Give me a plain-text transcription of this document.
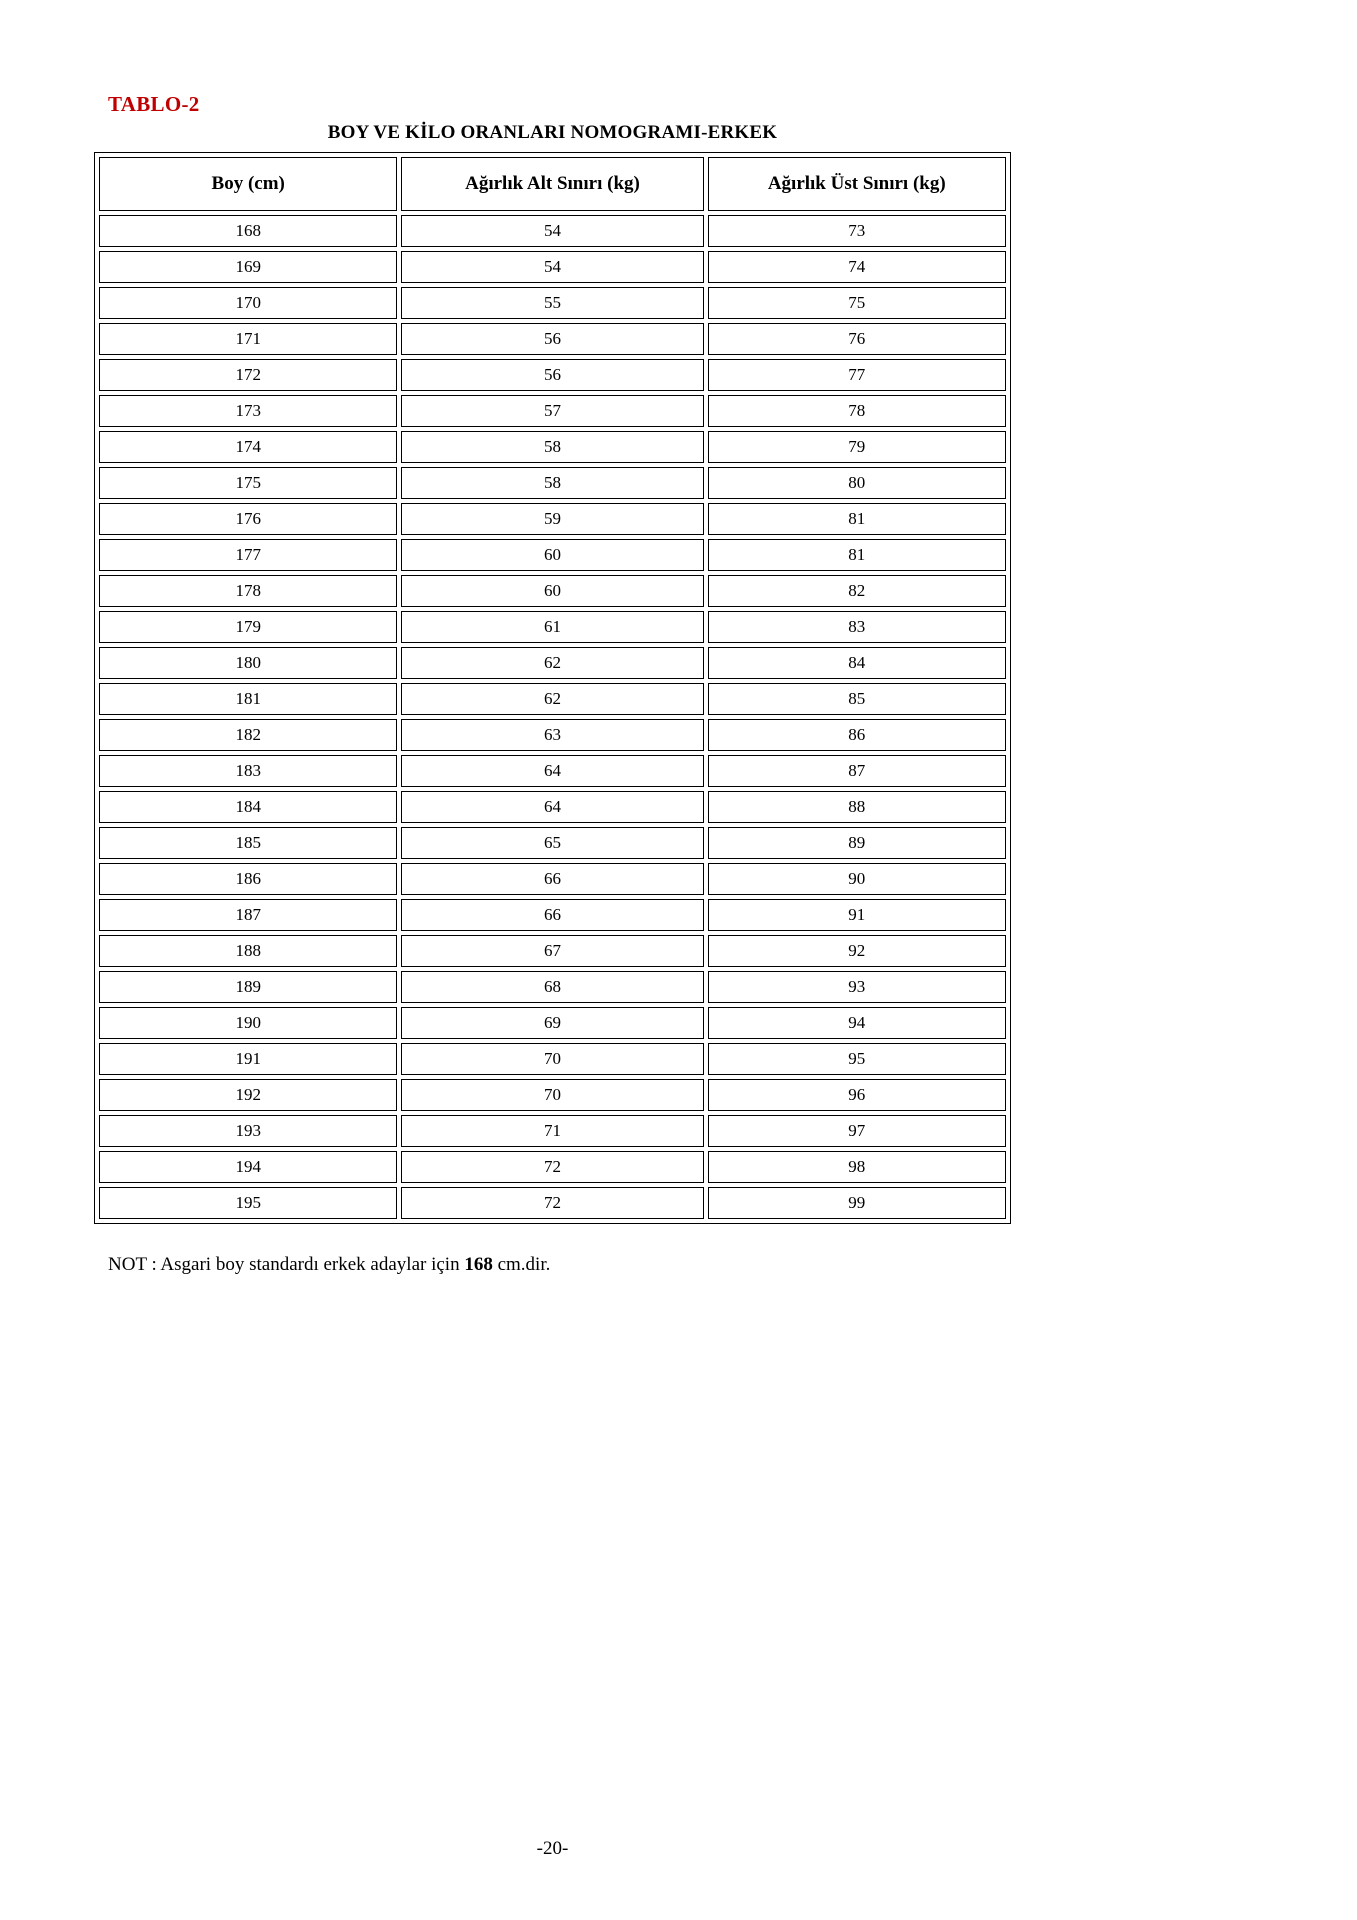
TABLO-2
BOY VE KİLO ORANLARI NOMOGRAMI-ERKEK
Boy (cm)	Ağırlık Alt Sınırı (kg)	Ağırlık Üst Sınırı (kg)
168	54	73
169	54	74
170	55	75
171	56	76
172	56	77
173	57	78
174	58	79
175	58	80
176	59	81
177	60	81
178	60	82
179	61	83
180	62	84
181	62	85
182	63	86
183	64	87
184	64	88
185	65	89
186	66	90
187	66	91
188	67	92
189	68	93
190	69	94
191	70	95
192	70	96
193	71	97
194	72	98
195	72	99

NOT : Asgari boy standardı erkek adaylar için 168 cm.dir.

-20-
